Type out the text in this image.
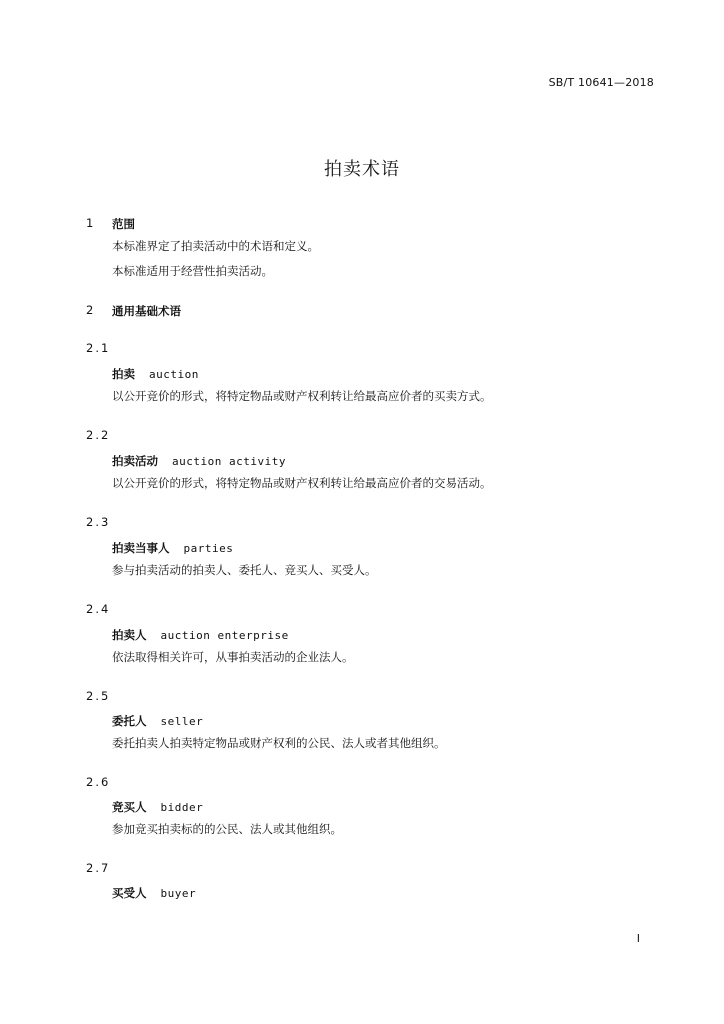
SB/T 10641—2018
拍卖术语
1 范围
本标准界定了拍卖活动中的术语和定义。
本标准适用于经营性拍卖活动。
2 通用基础术语
2.1
拍卖 auction
以公开竞价的形式，将特定物品或财产权利转让给最高应价者的买卖方式。
2.2
拍卖活动 auction activity
以公开竞价的形式，将特定物品或财产权利转让给最高应价者的交易活动。
2.3
拍卖当事人 parties
参与拍卖活动的拍卖人、委托人、竞买人、买受人。
2.4
拍卖人 auction enterprise
依法取得相关许可，从事拍卖活动的企业法人。
2.5
委托人 seller
委托拍卖人拍卖特定物品或财产权利的公民、法人或者其他组织。
2.6
竞买人 bidder
参加竞买拍卖标的的公民、法人或其他组织。
2.7
买受人 buyer
I
